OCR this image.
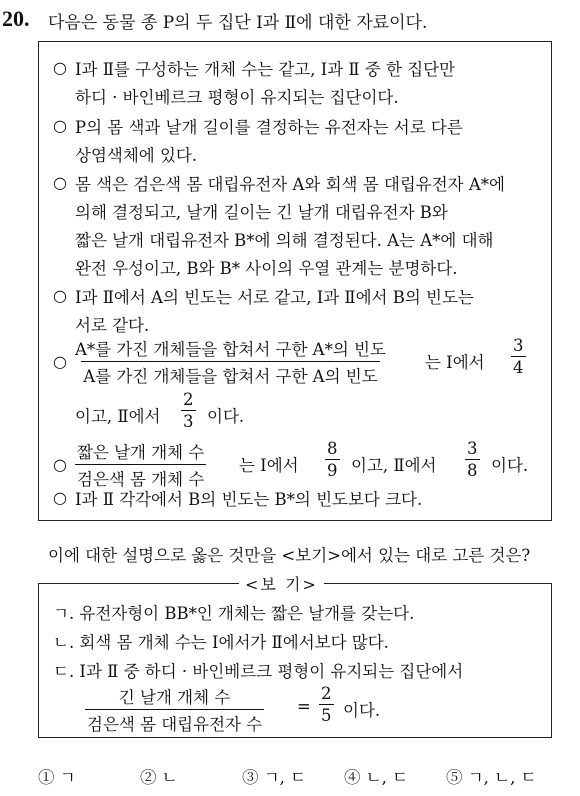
20. 다음은 동물 종 P의 두 집단 Ⅰ과 Ⅱ에 대한 자료이다.
○ Ⅰ과 Ⅱ를 구성하는 개체 수는 같고, Ⅰ과 Ⅱ 중 한 집단만
하디 · 바인베르크 평형이 유지되는 집단이다.
○ P의 몸 색과 날개 길이를 결정하는 유전자는 서로 다른
상염색체에 있다.
○ 몸 색은 검은색 몸 대립유전자 A와 회색 몸 대립유전자 A*에
의해 결정되고, 날개 길이는 긴 날개 대립유전자 B와
짧은 날개 대립유전자 B*에 의해 결정된다. A는 A*에 대해
완전 우성이고, B와 B* 사이의 우열 관계는 분명하다.
○ Ⅰ과 Ⅱ에서 A의 빈도는 서로 같고, Ⅰ과 Ⅱ에서 B의 빈도는
서로 같다.
○
A*를 가진 개체들을 합쳐서 구한 A*의 빈도
A를 가진 개체들을 합쳐서 구한 A의 빈도
는 Ⅰ에서 $\frac{3}{4}$
이고, Ⅱ에서 $\frac{2}{3}$ 이다.
○
짧은 날개 개체 수
검은색 몸 개체 수
는 Ⅰ에서 $\frac{8}{9}$ 이고, Ⅱ에서 $\frac{3}{8}$ 이다.
○ Ⅰ과 Ⅱ 각각에서 B의 빈도는 B*의 빈도보다 크다.
이에 대한 설명으로 옳은 것만을 <보기>에서 있는 대로 고른 것은?
<보 기>
ㄱ. 유전자형이 BB*인 개체는 짧은 날개를 갖는다.
ㄴ. 회색 몸 개체 수는 Ⅰ에서가 Ⅱ에서보다 많다.
ㄷ. Ⅰ과 Ⅱ 중 하디 · 바인베르크 평형이 유지되는 집단에서
긴 날개 개체 수
검은색 몸 대립유전자 수
= $\frac{2}{5}$ 이다.
① ㄱ	② ㄴ	③ ㄱ, ㄷ ④ ㄴ, ㄷ ⑤ ㄱ, ㄴ, ㄷ
